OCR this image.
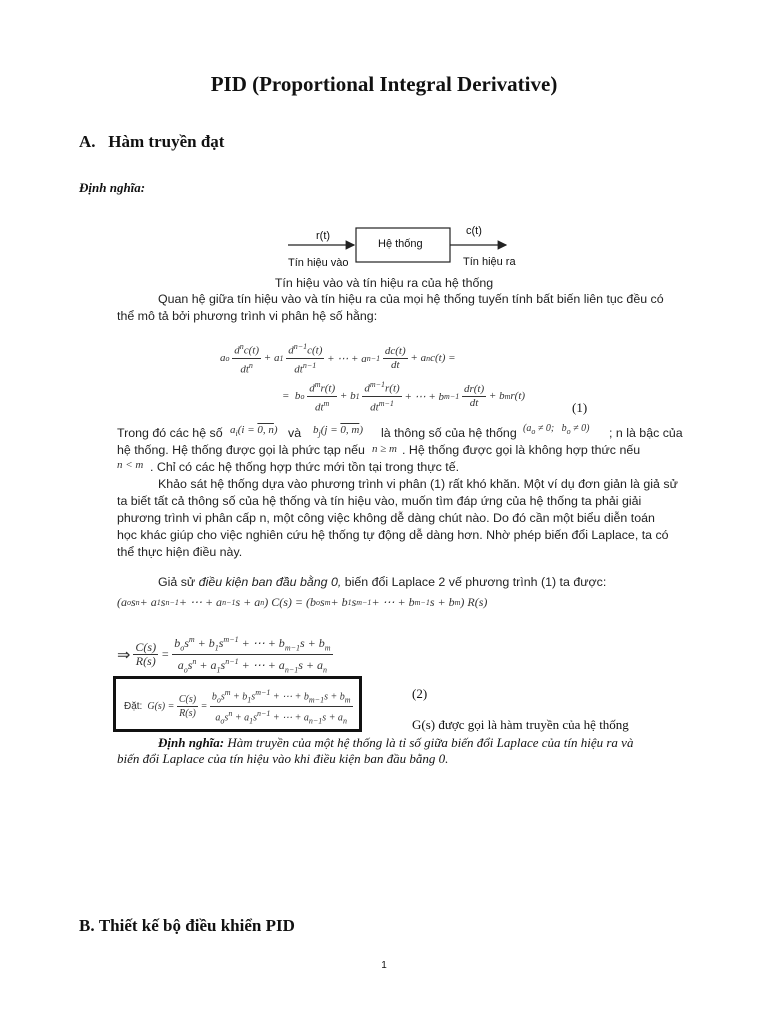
PID (Proportional Integral Derivative)
A.   Hàm truyền đạt
Định nghĩa:
r(t)
Hệ thống
c(t)
Tín hiệu vào	Tín hiệu ra
Tín hiệu vào và tín hiệu ra của hệ thống
Quan hệ giữa tín hiệu vào và tín hiệu ra của mọi hệ thống tuyến tính bất biến liên tục đều có
thể mô tả bởi phương trình vi phân hệ số hằng:
a o
$\frac{d^nc(t)}{dt^n} + a$ 1
$\frac{d^{n-1}c(t)}{dt^{n-1}}$ + ⋯ + a n−1
$\frac{dc(t)}{dt} + a$ n c(t) =
=  b o
$\frac{d^mr(t)}{dt^m} + b$ 1
$\frac{d^{m-1}r(t)}{dt^{m-1}}$ + ⋯ + b m−1
$\frac{dr(t)}{dt} + b$ m r(t)
(1)
Trong đó các hệ số $a_i(i = 0$, n) và $b_j(j = 0$, m) là thông số của hệ thống ($a_o \ne 0$;   $b_o \ne 0$) ; n là bậc của
hệ thống. Hệ thống được gọi là phức tạp nếu n ≥ m . Hệ thống được gọi là không hợp thức nếu
n < m . Chỉ có các hệ thống hợp thức mới tồn tại trong thực tế.
Khảo sát hệ thống dựa vào phương trình vi phân (1) rất khó khăn. Một ví dụ đơn giản là giả sử
ta biết tất cả thông số của hệ thống và tín hiệu vào, muốn tìm đáp ứng của hệ thống ta phải giải
phương trình vi phân cấp n, một công việc không dễ dàng chút nào. Do đó cần một biểu diễn toán
học khác giúp cho việc nghiên cứu hệ thống tự động dễ dàng hơn. Nhờ phép biến đổi Laplace, ta có
thể thực hiện điều này.
Giả sử điều kiện ban đầu bằng 0, biến đổi Laplace 2 vế phương trình (1) ta được:
(a o s n + a 1 s n−1 + ⋯ + a n−1 s + a n ) C(s) = (b o s m + b 1 s m−1 + ⋯ + b m−1 s + b m ) R(s)
⇒
$\frac{C(s)}{R(s)} = \frac{b_os^m + b_1s^{m-1} + \cdots + b_{m-1}s + b_m}{a_os^n + a_1s^{n-1} + \cdots + a_{n-1}s + a_n}$
Đặt: $G(s) = \frac{C(s)}{R(s)} = \frac{b_os^m + b_1s^{m-1} + \cdots + b_{m-1}s + b_m}{a_os^n + a_1s^{n-1} + \cdots + a_{n-1}s + a_n}$	(2)
G(s) được gọi là hàm truyền của hệ thống
Định nghĩa: Hàm truyền của một hệ thống là tỉ số giữa biến đổi Laplace của tín hiệu ra và
biến đổi Laplace của tín hiệu vào khi điều kiện ban đầu bằng 0.
B. Thiết kế bộ điều khiển PID
1
